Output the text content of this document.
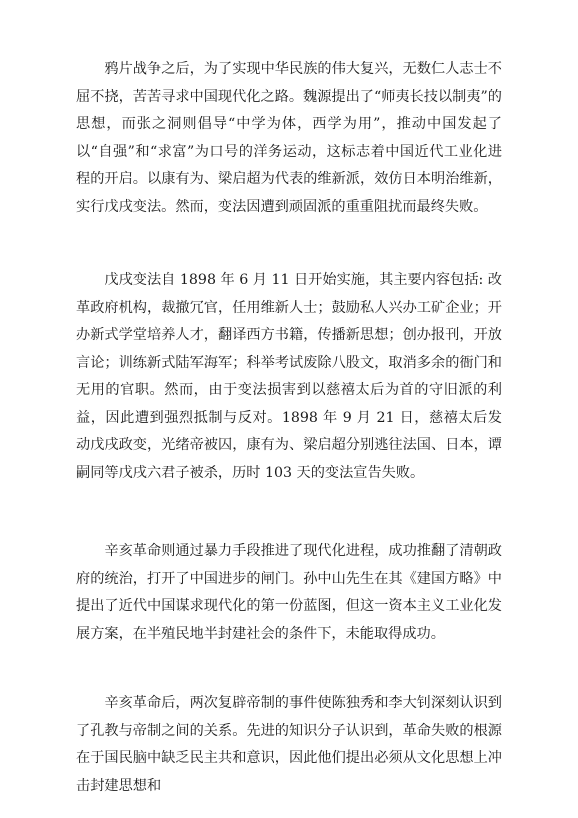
鸦片战争之后，为了实现中华民族的伟大复兴，无数仁人志士不屈不挠，苦苦寻求中国现代化之路。魏源提出了“师夷长技以制夷”的思想，而张之洞则倡导“中学为体，西学为用”，推动中国发起了以“自强”和“求富”为口号的洋务运动，这标志着中国近代工业化进程的开启。以康有为、梁启超为代表的维新派，效仿日本明治维新，实行戊戌变法。然而，变法因遭到顽固派的重重阻扰而最终失败。

戊戌变法自 1898 年 6 月 11 日开始实施，其主要内容包括: 改革政府机构，裁撤冗官，任用维新人士；鼓励私人兴办工矿企业；开办新式学堂培养人才，翻译西方书籍，传播新思想；创办报刊，开放言论；训练新式陆军海军；科举考试废除八股文，取消多余的衙门和无用的官职。然而，由于变法损害到以慈禧太后为首的守旧派的利益，因此遭到强烈抵制与反对。1898 年 9 月 21 日，慈禧太后发动戊戌政变，光绪帝被囚，康有为、梁启超分别逃往法国、日本，谭嗣同等戊戌六君子被杀，历时 103 天的变法宣告失败。

辛亥革命则通过暴力手段推进了现代化进程，成功推翻了清朝政府的统治，打开了中国进步的闸门。孙中山先生在其《建国方略》中提出了近代中国谋求现代化的第一份蓝图，但这一资本主义工业化发展方案，在半殖民地半封建社会的条件下，未能取得成功。

辛亥革命后，两次复辟帝制的事件使陈独秀和李大钊深刻认识到了孔教与帝制之间的关系。先进的知识分子认识到，革命失败的根源在于国民脑中缺乏民主共和意识，因此他们提出必须从文化思想上冲击封建思想和
